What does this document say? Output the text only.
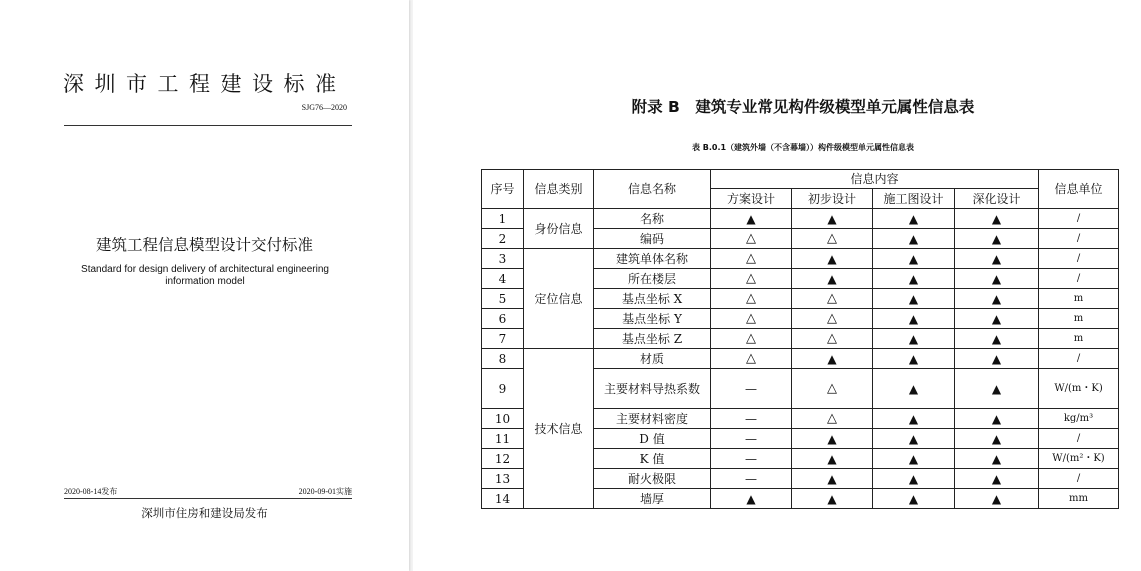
深圳市工程建设标准
SJG76—2020
建筑工程信息模型设计交付标准
Standard for design delivery of architectural engineering
information model
2020-08-14发布	2020-09-01实施
深圳市住房和建设局发布
附录 B　建筑专业常见构件级模型单元属性信息表
表 B.0.1（建筑外墙（不含幕墙））构件级模型单元属性信息表
序号	信息类别	信息名称	信息内容				信息单位
			方案设计	初步设计	施工图设计	深化设计	
1	身份信息	名称	▲	▲	▲	▲	/
2		编码	△	△	▲	▲	/
3	定位信息	建筑单体名称	△	▲	▲	▲	/
4		所在楼层	△	▲	▲	▲	/
5		基点坐标 X	△	△	▲	▲	m
6		基点坐标 Y	△	△	▲	▲	m
7		基点坐标 Z	△	△	▲	▲	m
8	技术信息	材质	△	▲	▲	▲	/
9		主要材料导热系数	—	△	▲	▲	W/(m・K)
10		主要材料密度	—	△	▲	▲	kg/m³
11		D 值	—	▲	▲	▲	/
12		K 值	—	▲	▲	▲	W/(m²・K)
13		耐火极限	—	▲	▲	▲	/
14		墙厚	▲	▲	▲	▲	mm
